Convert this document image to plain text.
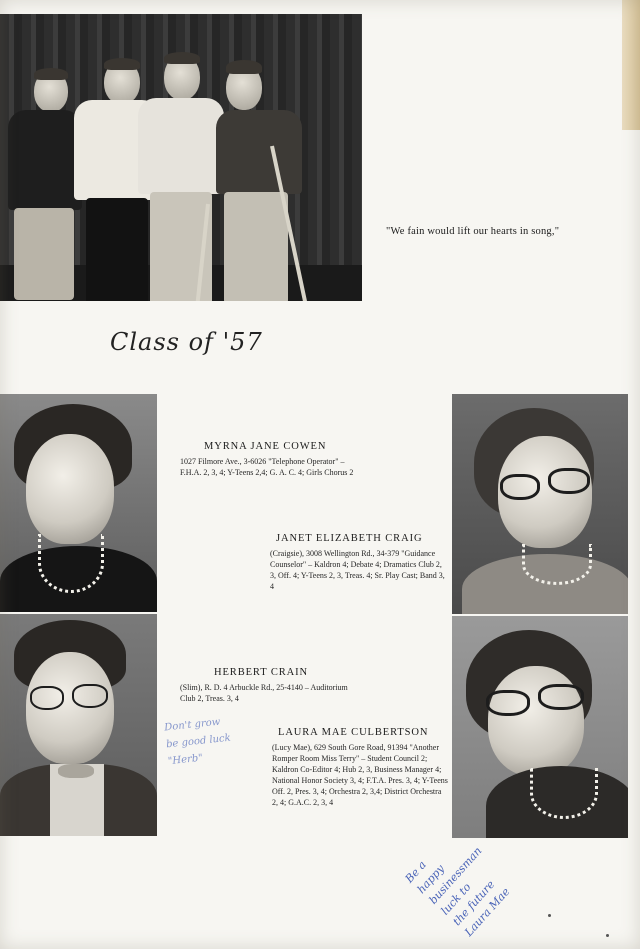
"We fain would lift our hearts in song,"
Class of '57
MYRNA JANE COWEN
1027 Filmore Ave., 3-6026 "Telephone Operator" – F.H.A. 2, 3, 4; Y-Teens 2,4; G. A. C. 4; Girls Chorus 2
JANET ELIZABETH CRAIG
(Craigsie), 3008 Wellington Rd., 34-379 "Guidance Counselor" – Kaldron 4; Debate 4; Dramatics Club 2, 3, Off. 4; Y-Teens 2, 3, Treas. 4; Sr. Play Cast; Band 3, 4
HERBERT CRAIN
(Slim), R. D. 4 Arbuckle Rd., 25-4140 – Auditorium Club 2, Treas. 3, 4
LAURA MAE CULBERTSON
(Lucy Mae), 629 South Gore Road, 91394 "Another Romper Room Miss Terry" – Student Council 2; Kaldron Co-Editor 4; Hub 2, 3, Business Manager 4; National Honor Society 3, 4; F.T.A. Pres. 3, 4; Y-Teens Off. 2, Pres. 3, 4; Orchestra 2, 3,4; District Orchestra 2, 4; G.A.C. 2, 3, 4
Don't grow
be good luck
"Herb"
Be a
happy
businessman
luck to
the future
Laura Mae
